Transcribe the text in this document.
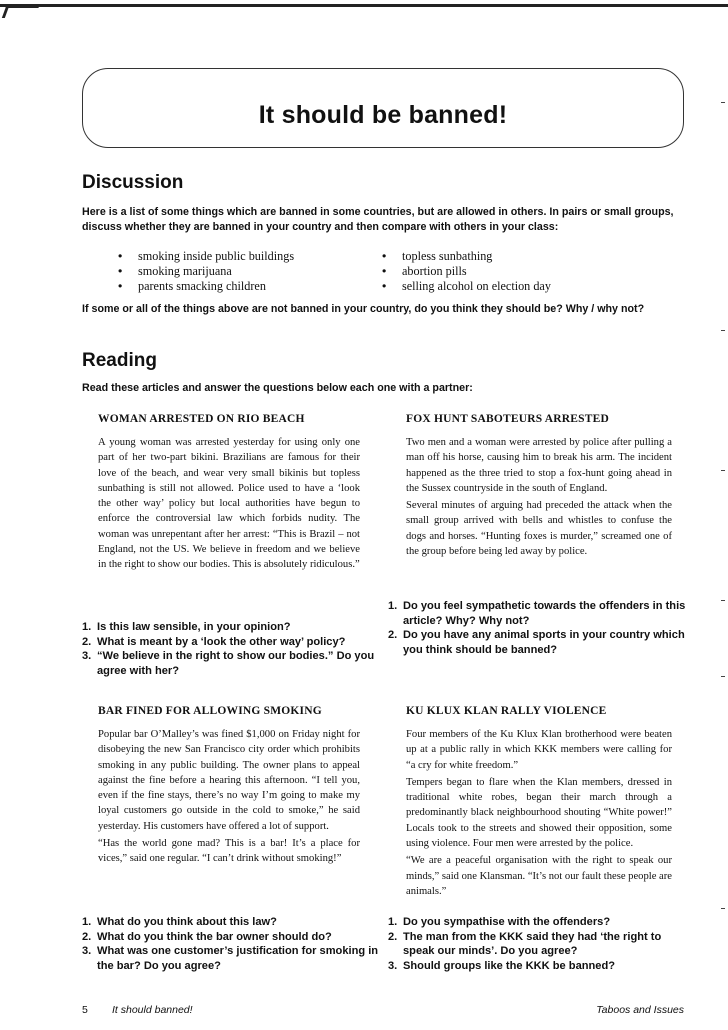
It should be banned!
Discussion
Here is a list of some things which are banned in some countries, but are allowed in others. In pairs or small groups, discuss whether they are banned in your country and then compare with others in your class:
• smoking inside public buildings
• smoking marijuana
• parents smacking children
• topless sunbathing
• abortion pills
• selling alcohol on election day
If some or all of the things above are not banned in your country, do you think they should be? Why / why not?
Reading
Read these articles and answer the questions below each one with a partner:
WOMAN ARRESTED ON RIO BEACH

A young woman was arrested yesterday for using only one part of her two-part bikini. Brazilians are famous for their love of the beach, and wear very small bikinis but topless sunbathing is still not allowed. Police used to have a ‘look the other way’ policy but local authorities have begun to enforce the controversial law which forbids nudity. The woman was unrepentant after her arrest: “This is Brazil – not England, not the US. We believe in freedom and we believe in the right to show our bodies. This is absolutely ridiculous.”

1. Is this law sensible, in your opinion?
2. What is meant by a ‘look the other way’ policy?
3. “We believe in the right to show our bodies.” Do you agree with her?
FOX HUNT SABOTEURS ARRESTED

Two men and a woman were arrested by police after pulling a man off his horse, causing him to break his arm. The incident happened as the three tried to stop a fox-hunt going ahead in the Sussex countryside in the south of England.

Several minutes of arguing had preceded the attack when the small group arrived with bells and whistles to confuse the dogs and horses. “Hunting foxes is murder,” screamed one of the group before being led away by police.

1. Do you feel sympathetic towards the offenders in this article? Why? Why not?
2. Do you have any animal sports in your country which you think should be banned?
BAR FINED FOR ALLOWING SMOKING

Popular bar O’Malley’s was fined $1,000 on Friday night for disobeying the new San Francisco city order which prohibits smoking in any public building. The owner plans to appeal against the fine before a hearing this afternoon. “I tell you, even if the fine stays, there’s no way I’m going to make my loyal customers go outside in the cold to smoke,” he said yesterday. His customers have offered a lot of support.

“Has the world gone mad? This is a bar! It’s a place for vices,” said one regular. “I can’t drink without smoking!”

1. What do you think about this law?
2. What do you think the bar owner should do?
3. What was one customer’s justification for smoking in the bar? Do you agree?
KU KLUX KLAN RALLY VIOLENCE

Four members of the Ku Klux Klan brotherhood were beaten up at a public rally in which KKK members were calling for “a cry for white freedom.”

Tempers began to flare when the Klan members, dressed in traditional white robes, began their march through a predominantly black neighbourhood shouting “White power!” Locals took to the streets and showed their opposition, some using violence. Four men were arrested by the police.

“We are a peaceful organisation with the right to speak our minds,” said one Klansman. “It’s not our fault these people are animals.”

1. Do you sympathise with the offenders?
2. The man from the KKK said they had ‘the right to speak our minds’. Do you agree?
3. Should groups like the KKK be banned?
5 It should banned!	Taboos and Issues
